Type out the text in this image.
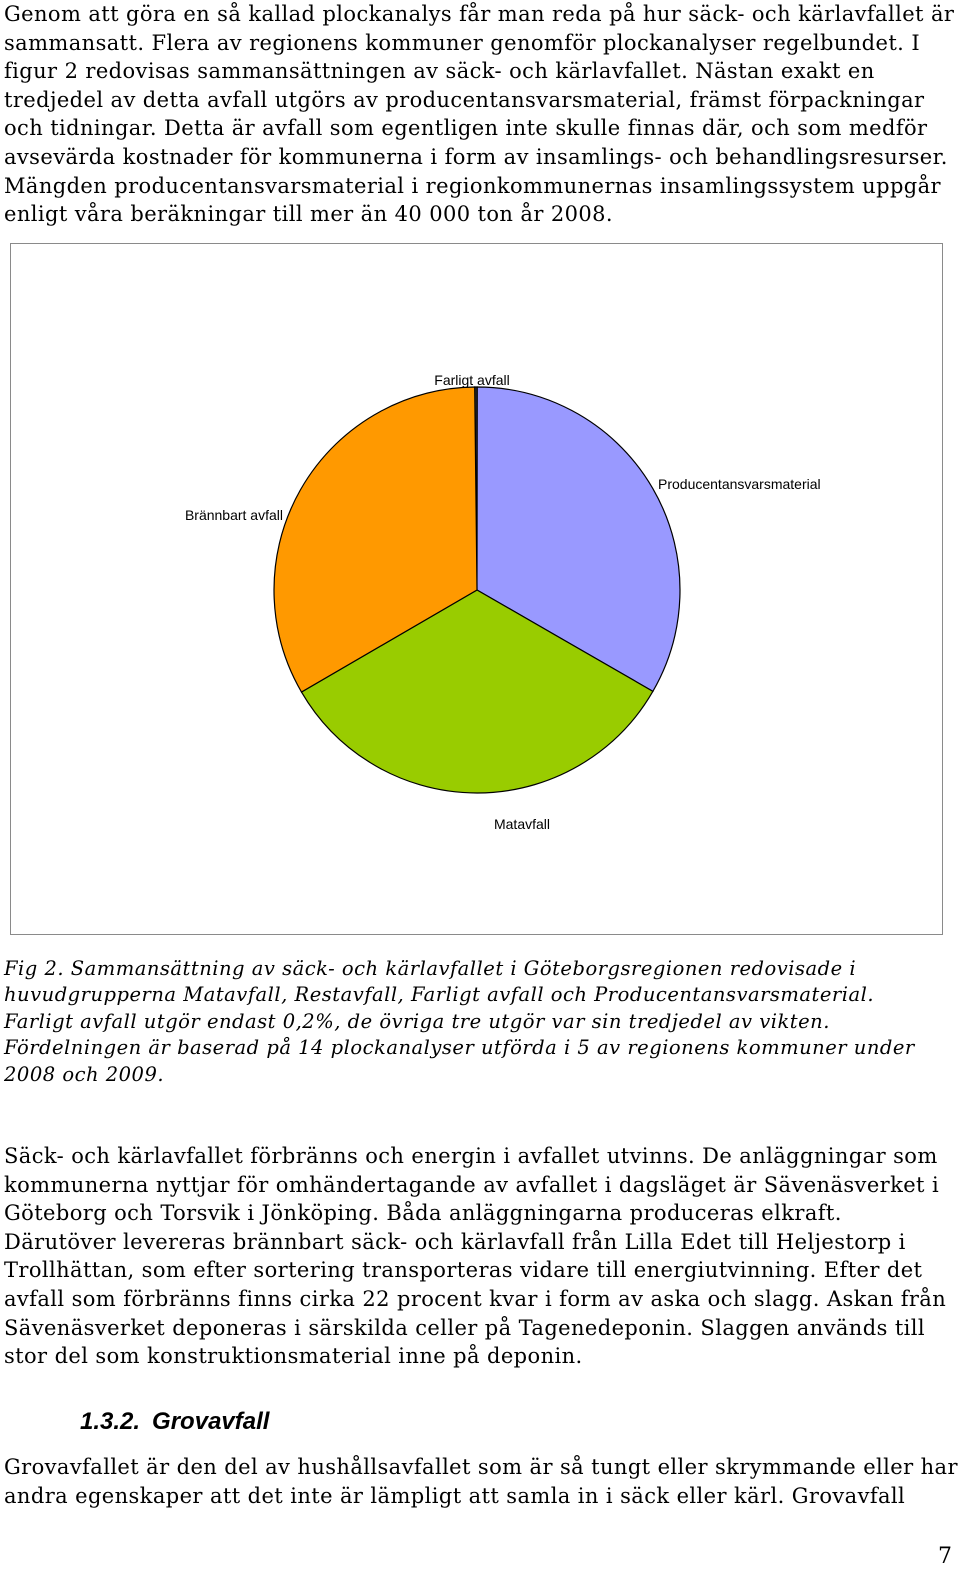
Genom att göra en så kallad plockanalys får man reda på hur säck- och kärlavfallet är
sammansatt. Flera av regionens kommuner genomför plockanalyser regelbundet. I
figur 2 redovisas sammansättningen av säck- och kärlavfallet. Nästan exakt en
tredjedel av detta avfall utgörs av producentansvarsmaterial, främst förpackningar
och tidningar. Detta är avfall som egentligen inte skulle finnas där, och som medför
avsevärda kostnader för kommunerna i form av insamlings- och behandlingsresurser.
Mängden producentansvarsmaterial i regionkommunernas insamlingssystem uppgår
enligt våra beräkningar till mer än 40 000 ton år 2008.
Farligt avfall
Producentansvarsmaterial
Matavfall
Brännbart avfall
Fig 2. Sammansättning av säck- och kärlavfallet i Göteborgsregionen redovisade i
huvudgrupperna Matavfall, Restavfall, Farligt avfall och Producentansvarsmaterial.
Farligt avfall utgör endast 0,2%, de övriga tre utgör var sin tredjedel av vikten.
Fördelningen är baserad på 14 plockanalyser utförda i 5 av regionens kommuner under
2008 och 2009.
Säck- och kärlavfallet förbränns och energin i avfallet utvinns. De anläggningar som
kommunerna nyttjar för omhändertagande av avfallet i dagsläget är Sävenäsverket i
Göteborg och Torsvik i Jönköping. Båda anläggningarna produceras elkraft.
Därutöver levereras brännbart säck- och kärlavfall från Lilla Edet till Heljestorp i
Trollhättan, som efter sortering transporteras vidare till energiutvinning. Efter det
avfall som förbränns finns cirka 22 procent kvar i form av aska och slagg. Askan från
Sävenäsverket deponeras i särskilda celler på Tagenedeponin. Slaggen används till
stor del som konstruktionsmaterial inne på deponin.
1.3.2. Grovavfall
Grovavfallet är den del av hushållsavfallet som är så tungt eller skrymmande eller har
andra egenskaper att det inte är lämpligt att samla in i säck eller kärl. Grovavfall
7
